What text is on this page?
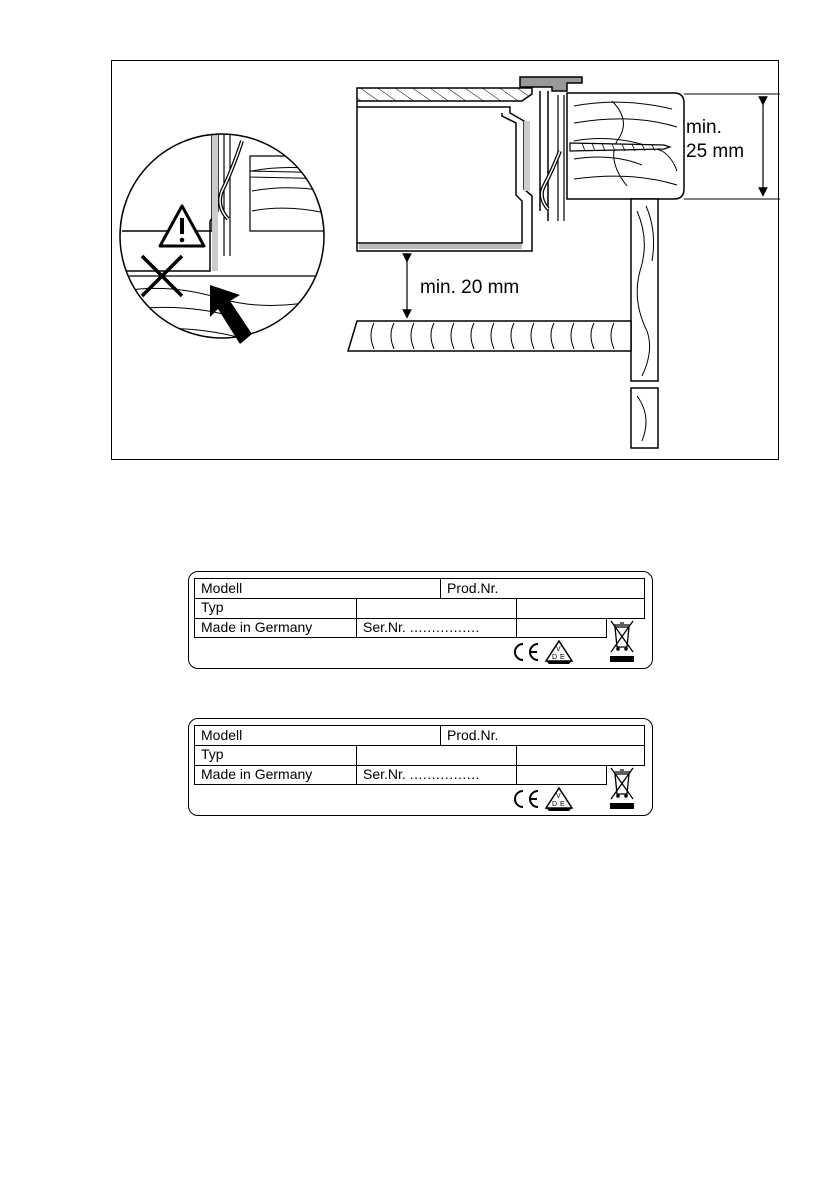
min.
25 mm
min. 20 mm
Modell	Prod.Nr.
Typ
Made in Germany	Ser.Nr. ................
V
D E
Modell	Prod.Nr.
Typ
Made in Germany	Ser.Nr. ................
V
D E
